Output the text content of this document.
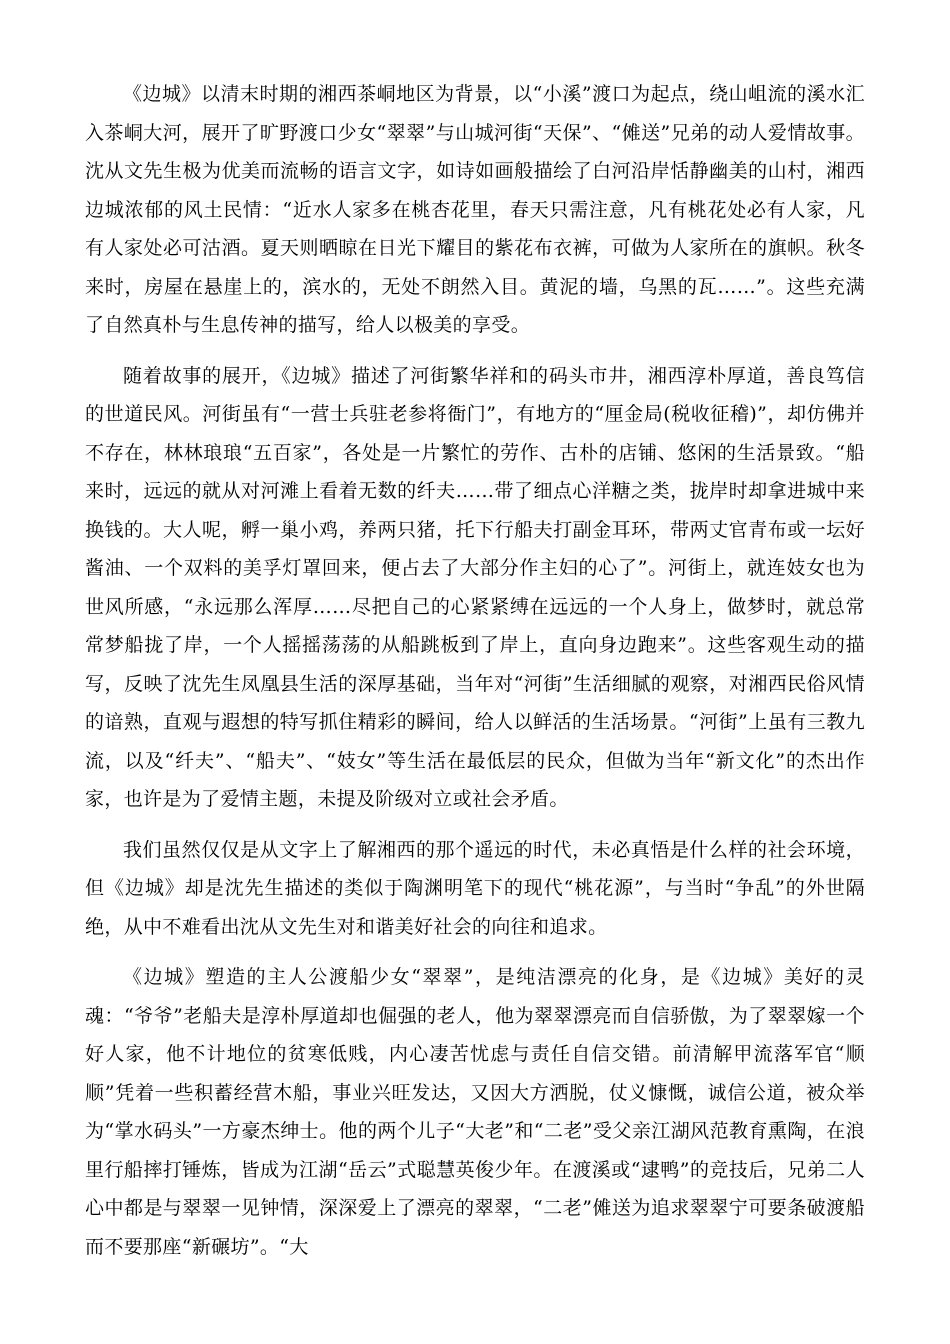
《边城》以清末时期的湘西茶峒地区为背景，以“小溪”渡口为起点，绕山岨流的溪水汇入茶峒大河，展开了旷野渡口少女“翠翠”与山城河街“天保”、“傩送”兄弟的动人爱情故事。沈从文先生极为优美而流畅的语言文字，如诗如画般描绘了白河沿岸恬静幽美的山村，湘西边城浓郁的风土民情：“近水人家多在桃杏花里，春天只需注意，凡有桃花处必有人家，凡有人家处必可沽酒。夏天则晒晾在日光下耀目的紫花布衣裤，可做为人家所在的旗帜。秋冬来时，房屋在悬崖上的，滨水的，无处不朗然入目。黄泥的墙，乌黑的瓦……”。这些充满了自然真朴与生息传神的描写，给人以极美的享受。

随着故事的展开，《边城》描述了河街繁华祥和的码头市井，湘西淳朴厚道，善良笃信的世道民风。河街虽有“一营士兵驻老参将衙门”，有地方的“厘金局(税收征稽)”，却仿佛并不存在，林林琅琅“五百家”，各处是一片繁忙的劳作、古朴的店铺、悠闲的生活景致。“船来时，远远的就从对河滩上看着无数的纤夫……带了细点心洋糖之类，拢岸时却拿进城中来换钱的。大人呢，孵一巢小鸡，养两只猪，托下行船夫打副金耳环，带两丈官青布或一坛好酱油、一个双料的美孚灯罩回来，便占去了大部分作主妇的心了”。河街上，就连妓女也为世风所感，“永远那么浑厚……尽把自己的心紧紧缚在远远的一个人身上，做梦时，就总常常梦船拢了岸，一个人摇摇荡荡的从船跳板到了岸上，直向身边跑来”。这些客观生动的描写，反映了沈先生凤凰县生活的深厚基础，当年对“河街”生活细腻的观察，对湘西民俗风情的谙熟，直观与遐想的特写抓住精彩的瞬间，给人以鲜活的生活场景。“河街”上虽有三教九流，以及“纤夫”、“船夫”、“妓女”等生活在最低层的民众，但做为当年“新文化”的杰出作家，也许是为了爱情主题，未提及阶级对立或社会矛盾。

我们虽然仅仅是从文字上了解湘西的那个遥远的时代，未必真悟是什么样的社会环境，但《边城》却是沈先生描述的类似于陶渊明笔下的现代“桃花源”，与当时“争乱”的外世隔绝，从中不难看出沈从文先生对和谐美好社会的向往和追求。

《边城》塑造的主人公渡船少女“翠翠”，是纯洁漂亮的化身，是《边城》美好的灵魂：“爷爷”老船夫是淳朴厚道却也倔强的老人，他为翠翠漂亮而自信骄傲，为了翠翠嫁一个好人家，他不计地位的贫寒低贱，内心凄苦忧虑与责任自信交错。前清解甲流落军官“顺顺”凭着一些积蓄经营木船，事业兴旺发达，又因大方洒脱，仗义慷慨，诚信公道，被众举为“掌水码头”一方豪杰绅士。他的两个儿子“大老”和“二老”受父亲江湖风范教育熏陶，在浪里行船摔打锤炼，皆成为江湖“岳云”式聪慧英俊少年。在渡溪或“逮鸭”的竞技后，兄弟二人心中都是与翠翠一见钟情，深深爱上了漂亮的翠翠，“二老”傩送为追求翠翠宁可要条破渡船而不要那座“新碾坊”。“大
